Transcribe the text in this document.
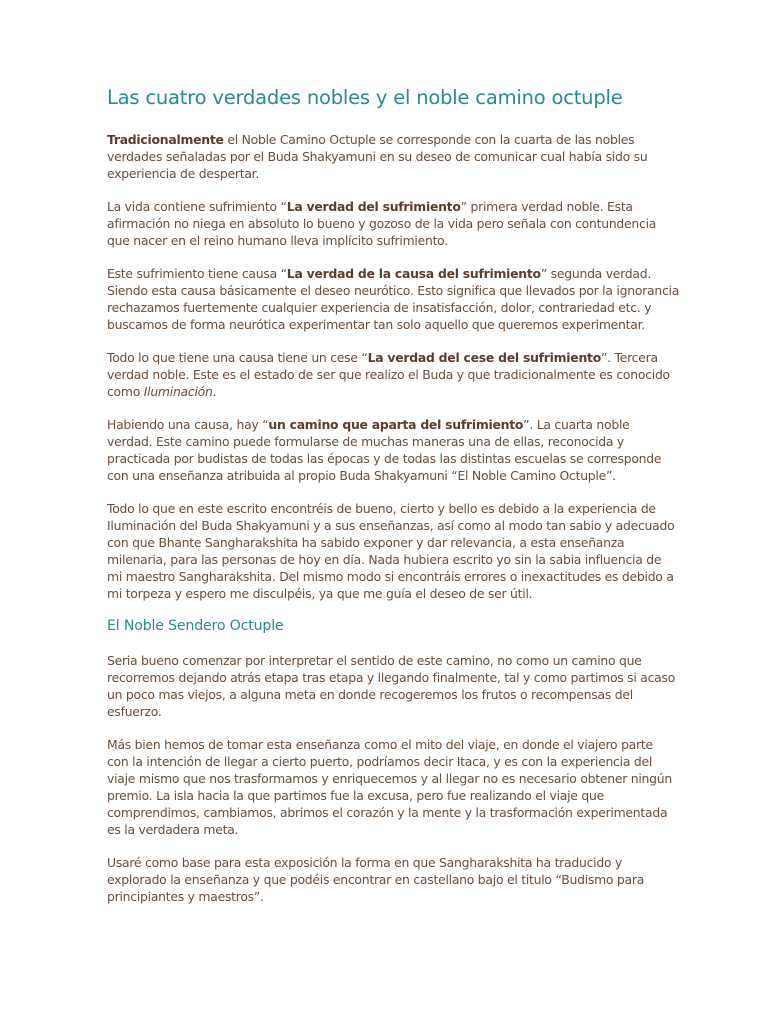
Las cuatro verdades nobles y el noble camino octuple

Tradicionalmente el Noble Camino Octuple se corresponde con la cuarta de las nobles
verdades señaladas por el Buda Shakyamuni en su deseo de comunicar cual había sido su
experiencia de despertar.

La vida contiene sufrimiento “La verdad del sufrimiento” primera verdad noble. Esta
afirmación no niega en absoluto lo bueno y gozoso de la vida pero señala con contundencia
que nacer en el reino humano lleva implícito sufrimiento.

Este sufrimiento tiene causa “La verdad de la causa del sufrimiento” segunda verdad.
Siendo esta causa básicamente el deseo neurótico. Esto significa que llevados por la ignorancia
rechazamos fuertemente cualquier experiencia de insatisfacción, dolor, contrariedad etc. y
buscamos de forma neurótica experimentar tan solo aquello que queremos experimentar.

Todo lo que tiene una causa tiene un cese “La verdad del cese del sufrimiento”. Tercera
verdad noble. Este es el estado de ser que realizo el Buda y que tradicionalmente es conocido
como Iluminación.

Habiendo una causa, hay “un camino que aparta del sufrimiento”. La cuarta noble
verdad. Este camino puede formularse de muchas maneras una de ellas, reconocida y
practicada por budistas de todas las épocas y de todas las distintas escuelas se corresponde
con una enseñanza atribuida al propio Buda Shakyamuni “El Noble Camino Octuple”.

Todo lo que en este escrito encontréis de bueno, cierto y bello es debido a la experiencia de
Iluminación del Buda Shakyamuni y a sus enseñanzas, así como al modo tan sabio y adecuado
con que Bhante Sangharakshita ha sabido exponer y dar relevancia, a esta enseñanza
milenaria, para las personas de hoy en día. Nada hubiera escrito yo sin la sabia influencia de
mi maestro Sangharakshita. Del mismo modo si encontráis errores o inexactitudes es debido a
mi torpeza y espero me disculpéis, ya que me guía el deseo de ser útil.

El Noble Sendero Octuple

Seria bueno comenzar por interpretar el sentido de este camino, no como un camino que
recorremos dejando atrás etapa tras etapa y llegando finalmente, tal y como partimos si acaso
un poco mas viejos, a alguna meta en donde recogeremos los frutos o recompensas del
esfuerzo.

Más bien hemos de tomar esta enseñanza como el mito del viaje, en donde el viajero parte
con la intención de llegar a cierto puerto, podríamos decir Itaca, y es con la experiencia del
viaje mismo que nos trasformamos y enriquecemos y al llegar no es necesario obtener ningún
premio. La isla hacia la que partimos fue la excusa, pero fue realizando el viaje que
comprendimos, cambiamos, abrimos el corazón y la mente y la trasformación experimentada
es la verdadera meta.

Usaré como base para esta exposición la forma en que Sangharakshita ha traducido y
explorado la enseñanza y que podéis encontrar en castellano bajo el titulo “Budismo para
principiantes y maestros”.
